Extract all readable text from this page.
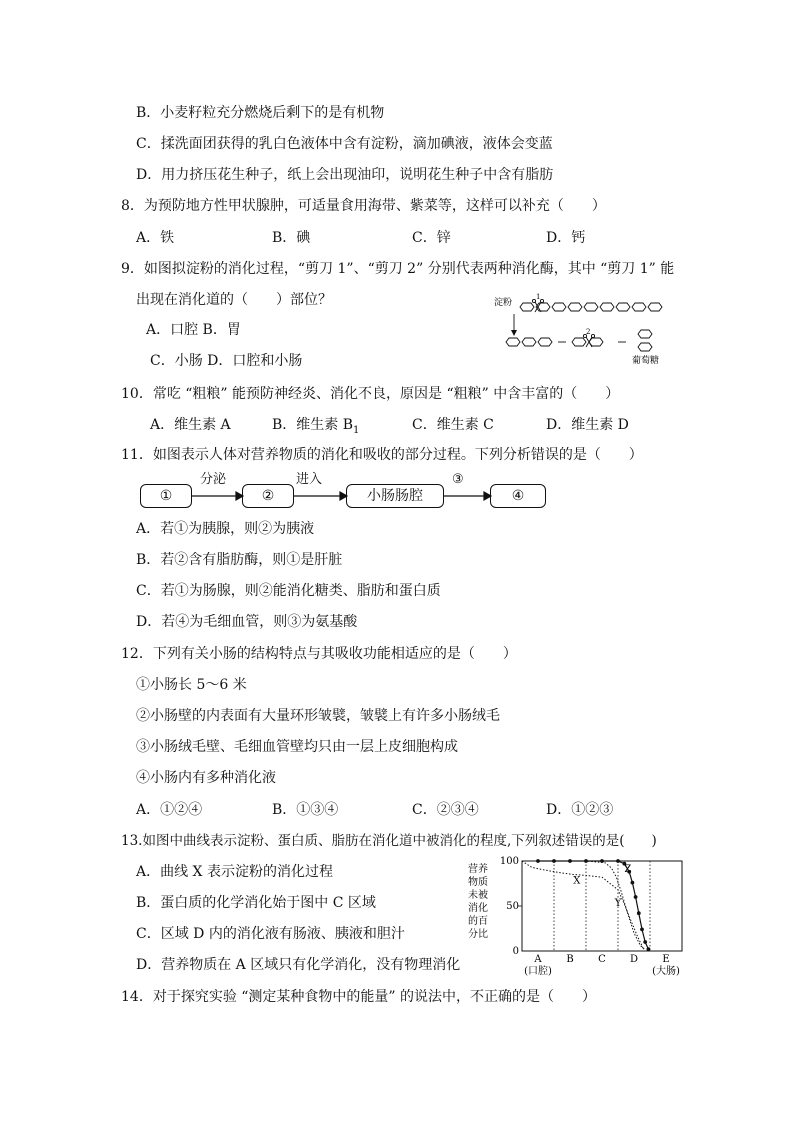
B．小麦籽粒充分燃烧后剩下的是有机物
C．揉洗面团获得的乳白色液体中含有淀粉，滴加碘液，液体会变蓝
D．用力挤压花生种子，纸上会出现油印，说明花生种子中含有脂肪
8．为预防地方性甲状腺肿，可适量食用海带、紫菜等，这样可以补充（　　）
A．铁	B．碘	C．锌	D．钙
9．如图拟淀粉的消化过程，“剪刀 1”、“剪刀 2” 分别代表两种消化酶，其中 “剪刀 1” 能
出现在消化道的（　　）部位？
A．口腔 B．胃
C．小肠 D．口腔和小肠
淀粉
1
2
葡萄糖
10．常吃 “粗粮” 能预防神经炎、消化不良，原因是 “粗粮” 中含丰富的（　　）
A．维生素 A	B．维生素 $B_1$	C．维生素 C	D．维生素 D
11．如图表示人体对营养物质的消化和吸收的部分过程。下列分析错误的是（　　）
①	②	小肠肠腔	④
分泌	进入	③
A．若①为胰腺，则②为胰液
B．若②含有脂肪酶，则①是肝脏
C．若①为肠腺，则②能消化糖类、脂肪和蛋白质
D．若④为毛细血管，则③为氨基酸
12．下列有关小肠的结构特点与其吸收功能相适应的是（　　）
①小肠长 5～6 米
②小肠壁的内表面有大量环形皱襞，皱襞上有许多小肠绒毛
③小肠绒毛壁、毛细血管壁均只由一层上皮细胞构成
④小肠内有多种消化液
A．①②④	B．①③④	C．②③④	D．①②③
13.如图中曲线表示淀粉、蛋白质、脂肪在消化道中被消化的程度,下列叙述错误的是(　　)
A．曲线 X 表示淀粉的消化过程
B．蛋白质的化学消化始于图中 C 区域
C．区域 D 内的消化液有肠液、胰液和胆汁
D．营养物质在 A 区域只有化学消化，没有物理消化
营养
物质
未被
消化
的百
分比
100
50
0
X
Y
Z
A
(口腔)
B C D E
(大肠)
14．对于探究实验 “测定某种食物中的能量” 的说法中，不正确的是（　　）
